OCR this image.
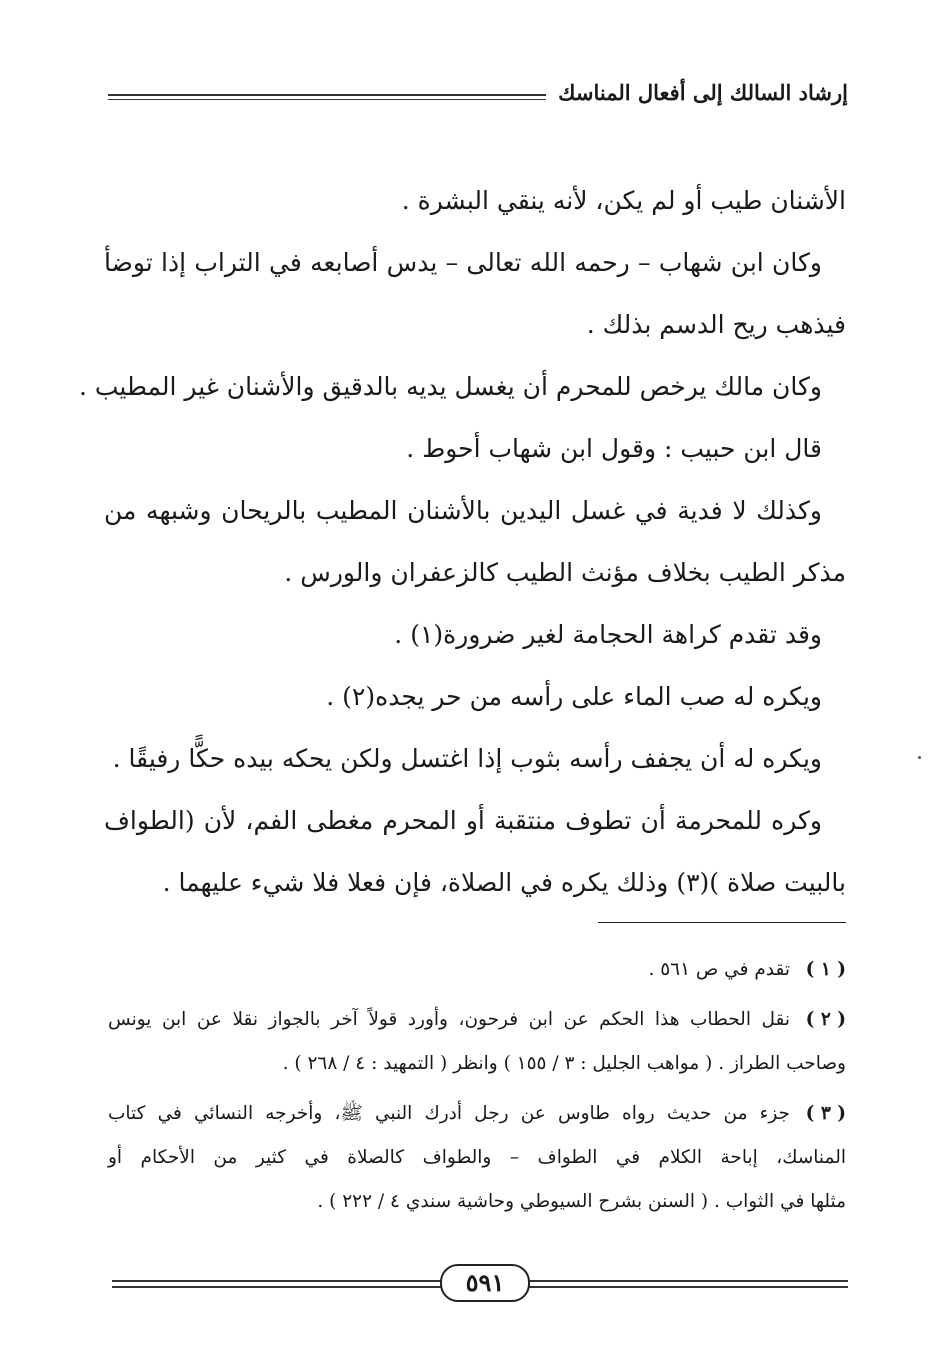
إرشاد السالك إلى أفعال المناسك
الأشنان طيب أو لم يكن، لأنه ينقي البشرة .
وكان ابن شهاب – رحمه الله تعالى – يدس أصابعه في التراب إذا توضأ
فيذهب ريح الدسم بذلك .
وكان مالك يرخص للمحرم أن يغسل يديه بالدقيق والأشنان غير المطيب .
قال ابن حبيب : وقول ابن شهاب أحوط .
وكذلك لا فدية في غسل اليدين بالأشنان المطيب بالريحان وشبهه من
مذكر الطيب بخلاف مؤنث الطيب كالزعفران والورس .
وقد تقدم كراهة الحجامة لغير ضرورة(١) .
ويكره له صب الماء على رأسه من حر يجده(٢) .
ويكره له أن يجفف رأسه بثوب إذا اغتسل ولكن يحكه بيده حكًّا رفيقًا .
وكره للمحرمة أن تطوف منتقبة أو المحرم مغطى الفم، لأن (الطواف
بالبيت صلاة )(٣) وذلك يكره في الصلاة، فإن فعلا فلا شيء عليهما .
( ١ )
تقدم في ص ٥٦١ .
( ٢ )
نقل الحطاب هذا الحكم عن ابن فرحون، وأورد قولاً آخر بالجواز نقلا عن ابن يونس
وصاحب الطراز . ( مواهب الجليل : ٣ / ١٥٥ ) وانظر ( التمهيد : ٤ / ٢٦٨ ) .
( ٣ )
جزء من حديث رواه طاوس عن رجل أدرك النبي ﷺ، وأخرجه النسائي في كتاب
المناسك، إباحة الكلام في الطواف – والطواف كالصلاة في كثير من الأحكام أو
مثلها في الثواب . ( السنن بشرح السيوطي وحاشية سندي ٤ / ٢٢٢ ) .
٥٩١
